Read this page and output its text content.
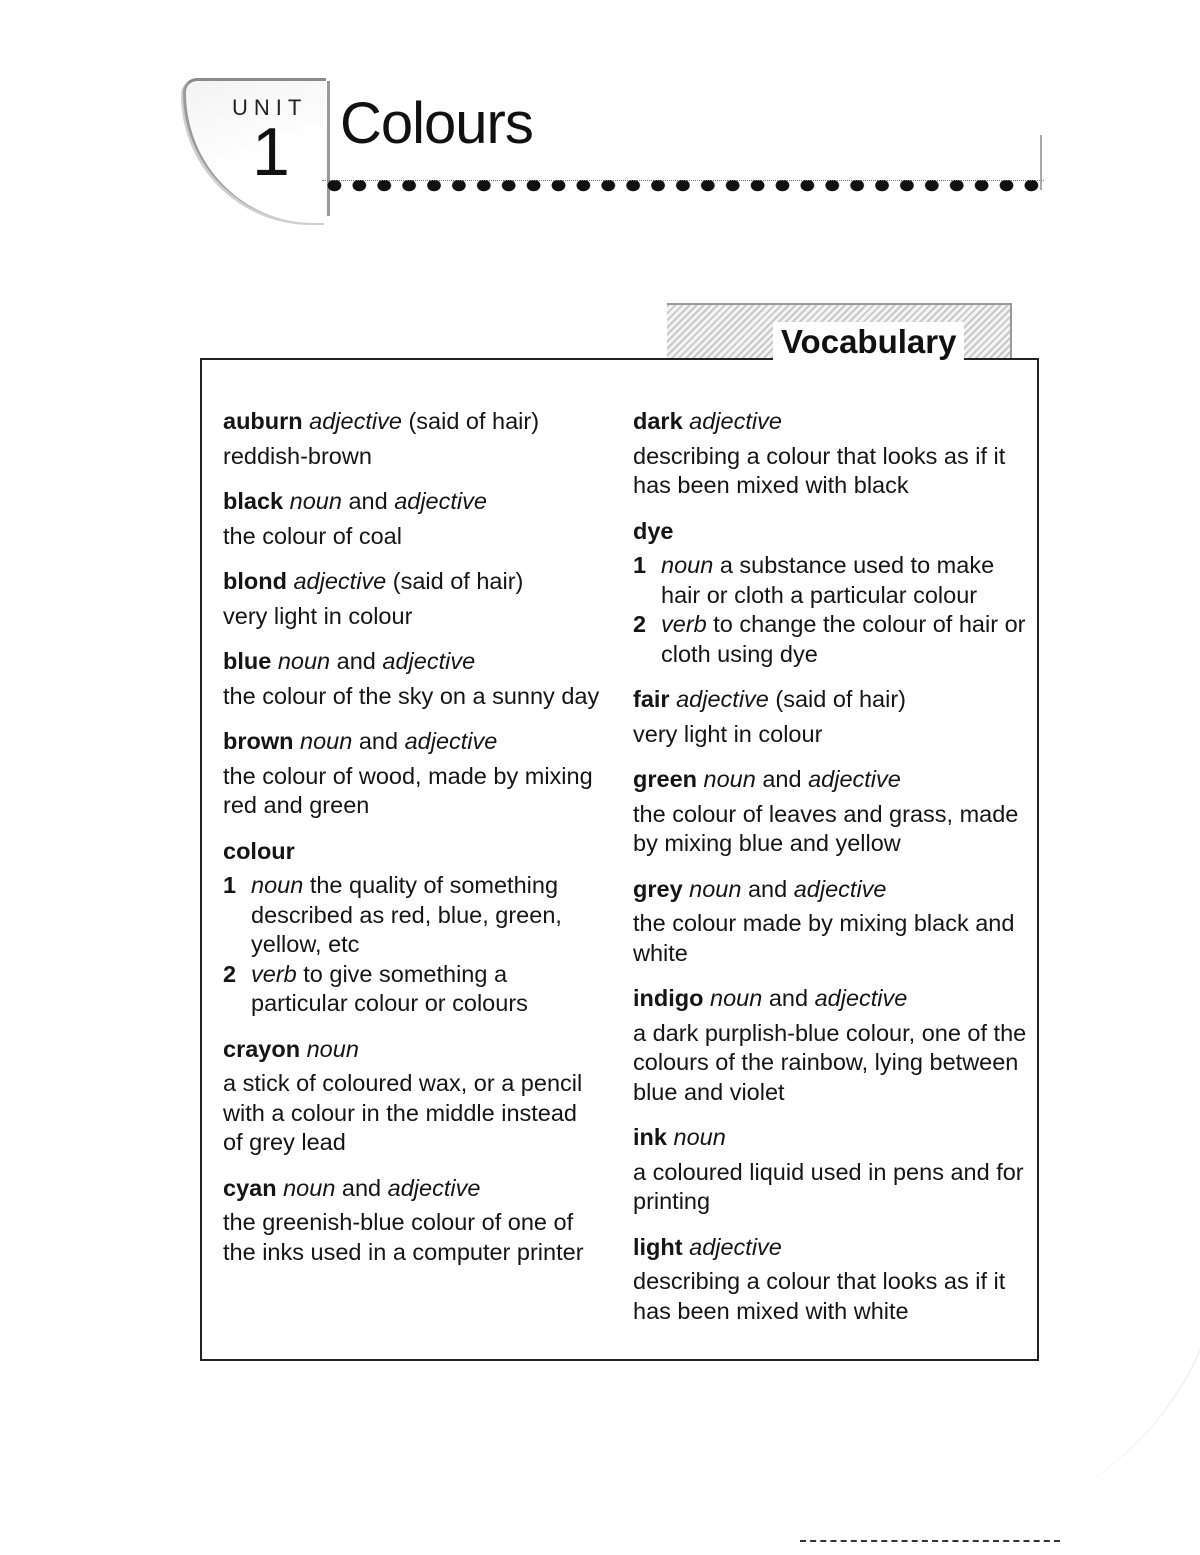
UNIT
1 Colours
Vocabulary
auburn adjective (said of hair)
reddish-brown
black noun and adjective
the colour of coal
blond adjective (said of hair)
very light in colour
blue noun and adjective
the colour of the sky on a sunny day
brown noun and adjective
the colour of wood, made by mixing red and green
colour
1 noun the quality of something described as red, blue, green, yellow, etc
2 verb to give something a particular colour or colours
crayon noun
a stick of coloured wax, or a pencil with a colour in the middle instead of grey lead
cyan noun and adjective
the greenish-blue colour of one of the inks used in a computer printer
dark adjective
describing a colour that looks as if it has been mixed with black
dye
1 noun a substance used to make hair or cloth a particular colour
2 verb to change the colour of hair or cloth using dye
fair adjective (said of hair)
very light in colour
green noun and adjective
the colour of leaves and grass, made by mixing blue and yellow
grey noun and adjective
the colour made by mixing black and white
indigo noun and adjective
a dark purplish-blue colour, one of the colours of the rainbow, lying between blue and violet
ink noun
a coloured liquid used in pens and for printing
light adjective
describing a colour that looks as if it has been mixed with white
